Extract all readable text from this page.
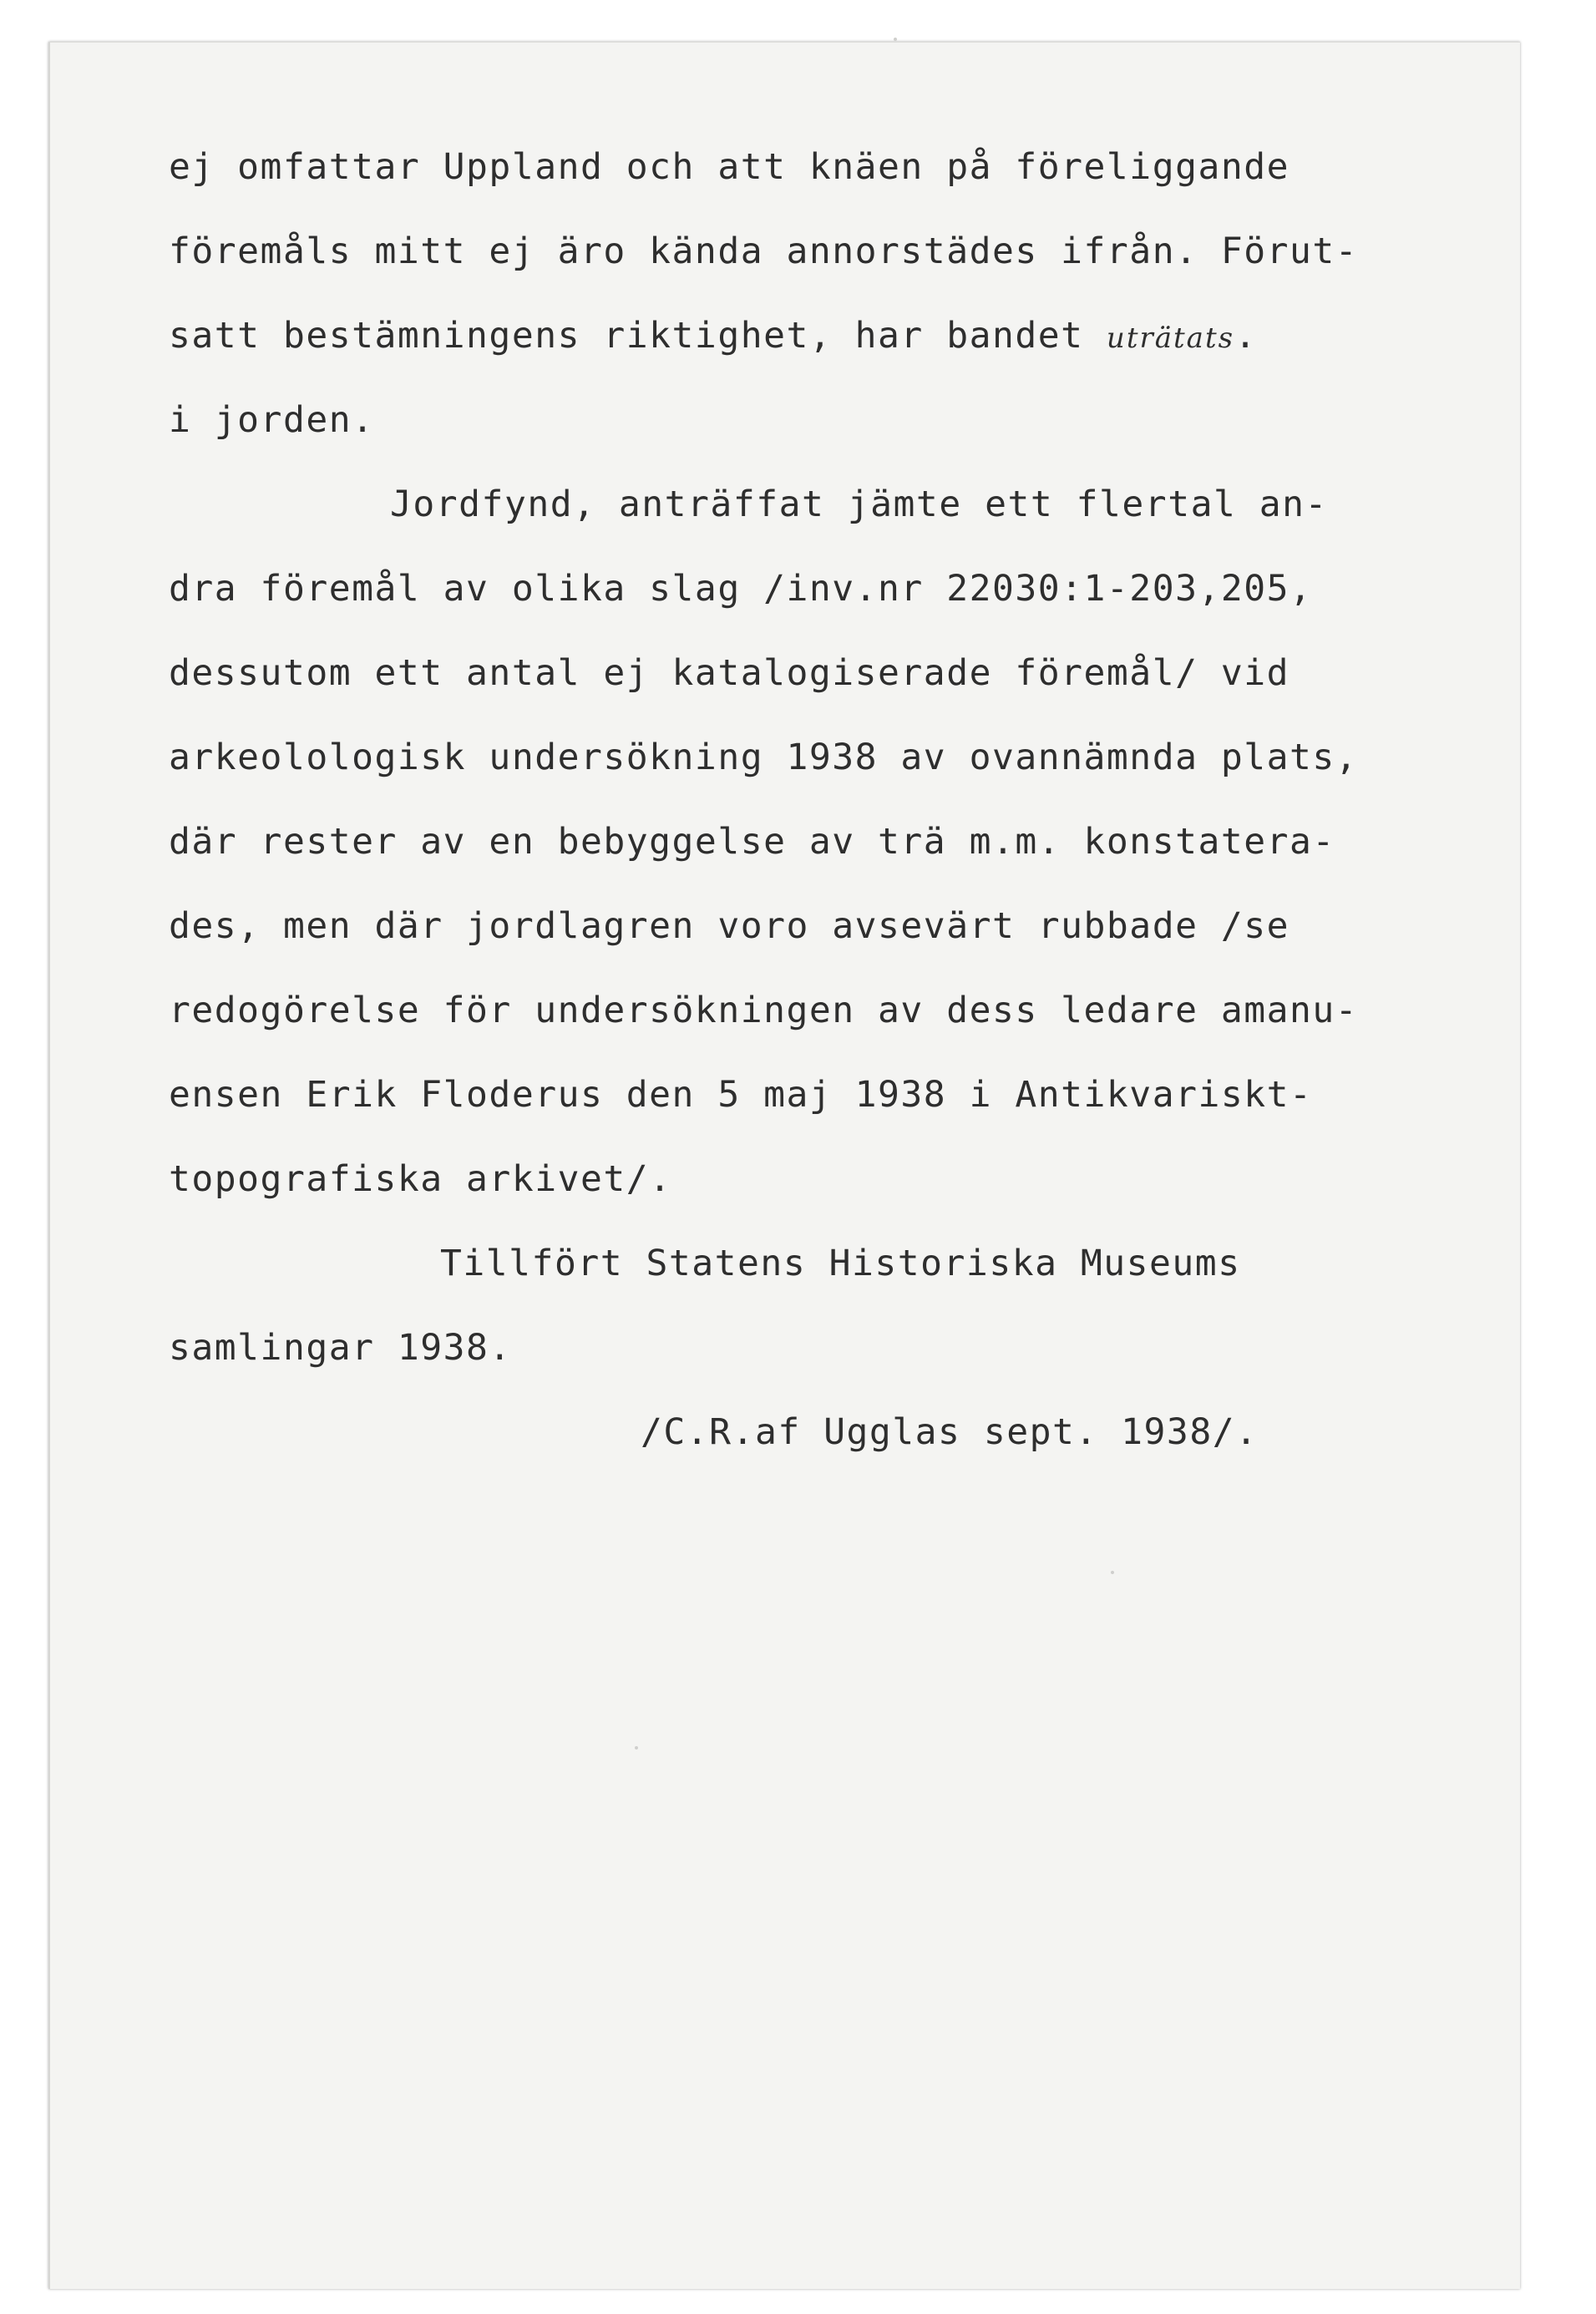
ej omfattar Uppland och att knäen på föreliggande
föremåls mitt ej äro kända annorstädes ifrån. Förut-
satt bestämningens riktighet, har bandet uträtats.
i jorden.
Jordfynd, anträffat jämte ett flertal an-
dra föremål av olika slag /inv.nr 22030:1-203,205,
dessutom ett antal ej katalogiserade föremål/ vid
arkeolologisk undersökning 1938 av ovannämnda plats,
där rester av en bebyggelse av trä m.m. konstatera-
des, men där jordlagren voro avsevärt rubbade /se
redogörelse för undersökningen av dess ledare amanu-
ensen Erik Floderus den 5 maj 1938 i Antikvariskt-
topografiska arkivet/.
Tillfört Statens Historiska Museums
samlingar 1938.
/C.R.af Ugglas sept. 1938/.
